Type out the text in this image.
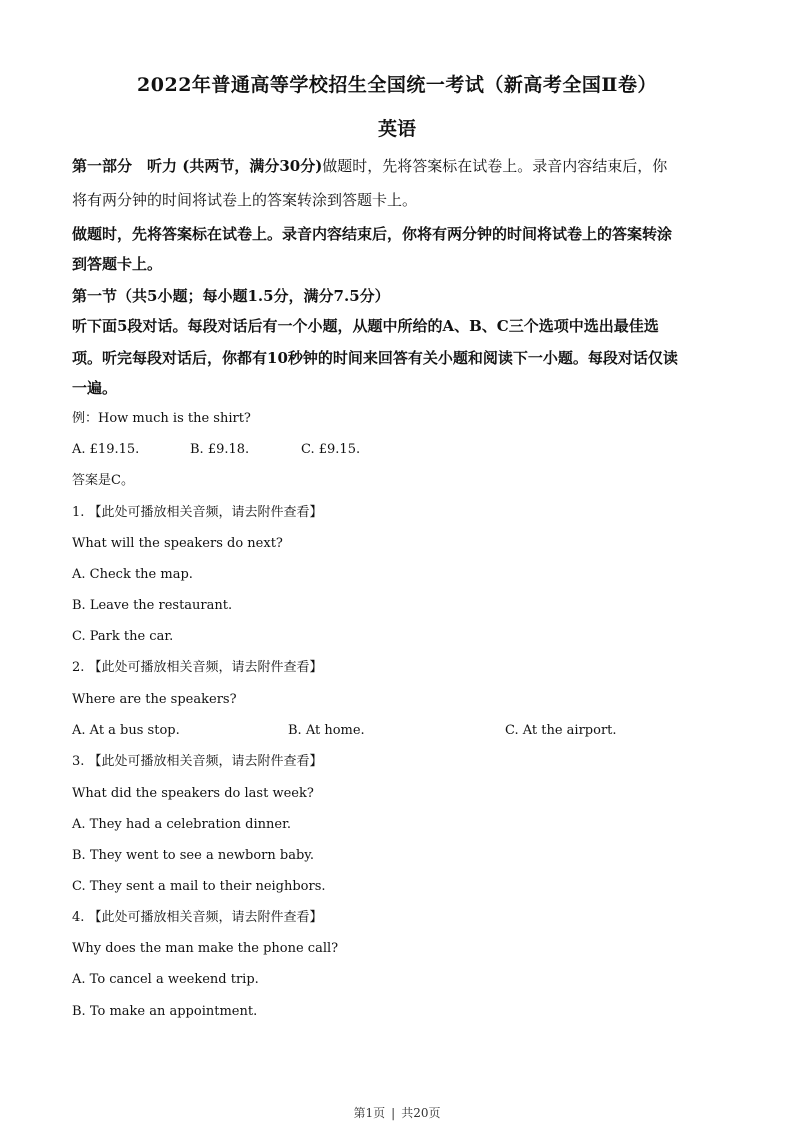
2022年普通高等学校招生全国统一考试（新高考全国Ⅱ卷）
英语

第一部分　听力 (共两节，满分30分)做题时，先将答案标在试卷上。录音内容结束后，你

将有两分钟的时间将试卷上的答案转涂到答题卡上。

做题时，先将答案标在试卷上。录音内容结束后，你将有两分钟的时间将试卷上的答案转涂

到答题卡上。

第一节（共5小题；每小题1.5分，满分7.5分）

听下面5段对话。每段对话后有一个小题，从题中所给的A、B、C三个选项中选出最佳选

项。听完每段对话后，你都有10秒钟的时间来回答有关小题和阅读下一小题。每段对话仅读

一遍。

例：How much is the shirt?
A. £19.15.	B. £9.18.	C. £9.15.
答案是C。
1. 【此处可播放相关音频，请去附件查看】
What will the speakers do next?
A. Check the map.
B. Leave the restaurant.
C. Park the car.
2. 【此处可播放相关音频，请去附件查看】
Where are the speakers?
A. At a bus stop.	B. At home.	C. At the airport.
3. 【此处可播放相关音频，请去附件查看】
What did the speakers do last week?
A. They had a celebration dinner.
B. They went to see a newborn baby.
C. They sent a mail to their neighbors.
4. 【此处可播放相关音频，请去附件查看】
Why does the man make the phone call?
A. To cancel a weekend trip.
B. To make an appointment.
第1页 | 共20页
